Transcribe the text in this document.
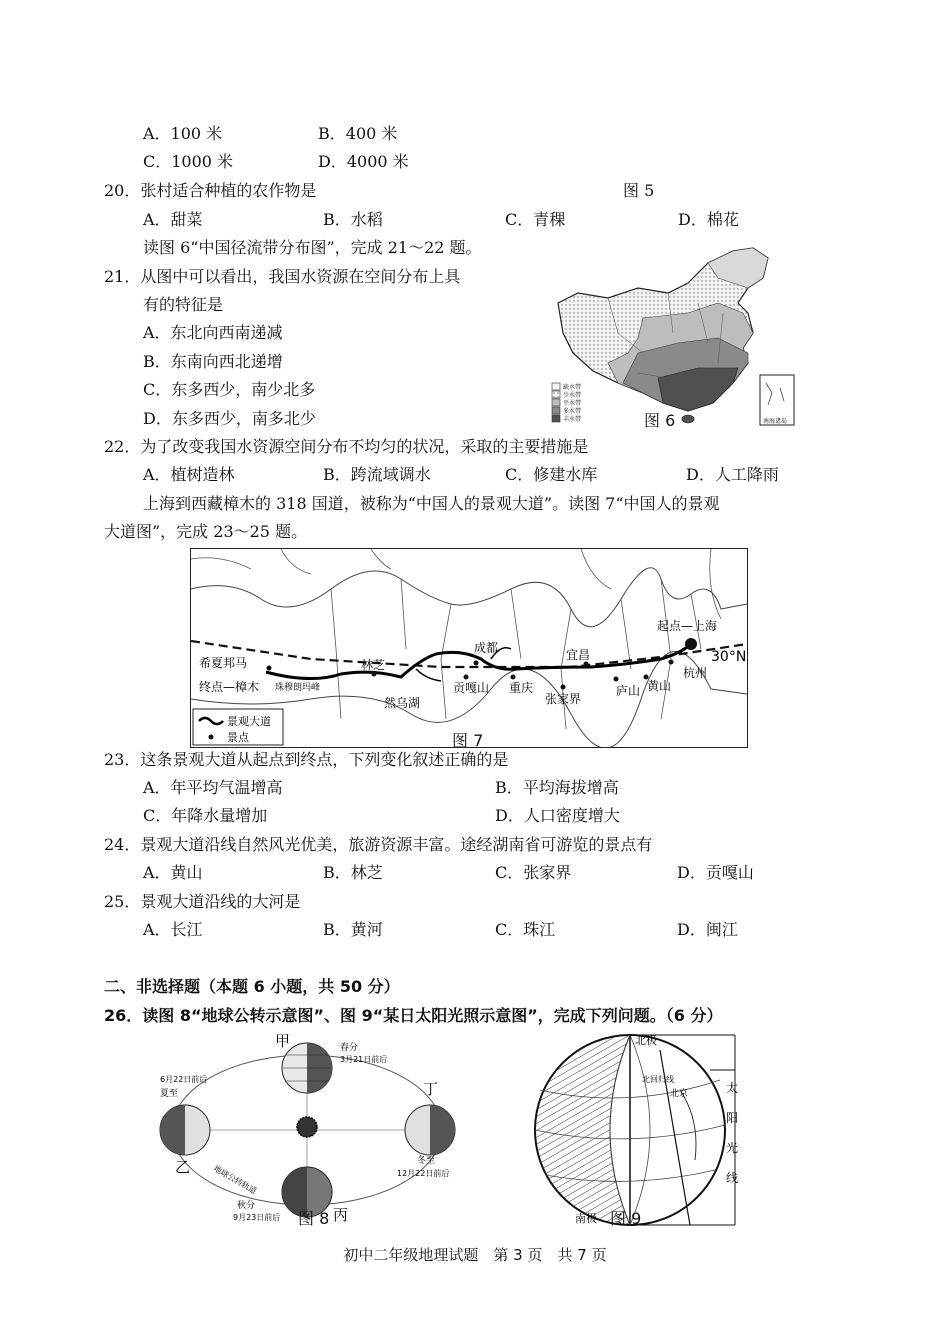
A．100 米	B．400 米
C．1000 米	D．4000 米
20．张村适合种植的农作物是	图 5
A．甜菜	B．水稻	C．青稞	D．棉花
读图 6“中国径流带分布图”，完成 21～22 题。
21．从图中可以看出，我国水资源在空间分布上具
有的特征是
A．东北向西南递减
B．东南向西北递增
C．东多西少，南少北多
D．东多西少，南多北少	南海诸岛
缺水带
少水带
平水带
多水带
丰水带	图 6
22．为了改变我国水资源空间分布不均匀的状况，采取的主要措施是
A．植树造林	B．跨流域调水	C．修建水库	D．人工降雨
上海到西藏樟木的 318 国道，被称为“中国人的景观大道”。读图 7“中国人的景观
大道图”，完成 23～25 题。
起点—上海
30°N
希夏邦马
终点—樟木 珠穆朗玛峰
林芝
成都	宜昌
杭州
黄山
庐山
张家界
重庆
贡嘎山
然乌湖
景观大道
景点	图 7
23．这条景观大道从起点到终点，下列变化叙述正确的是
A．年平均气温增高	B．平均海拔增高
C．年降水量增加	D．人口密度增大
24．景观大道沿线自然风光优美，旅游资源丰富。途经湖南省可游览的景点有
A．黄山	B．林芝	C．张家界	D．贡嘎山
25．景观大道沿线的大河是
A．长江	B．黄河	C．珠江	D．闽江
二、非选择题（本题 6 小题，共 50 分）
26．读图 8“地球公转示意图”、图 9“某日太阳光照示意图”，完成下列问题。（6 分）
甲
乙
丙
丁
春分
3月21日前后
夏至
6月22日前后
秋分
9月23日前后
冬至
12月22日前后
地球公转轨道
图 8
北极
南极
北回归线
北京	太
阳
光
线
图 9
初中二年级地理试题　第 3 页　共 7 页
